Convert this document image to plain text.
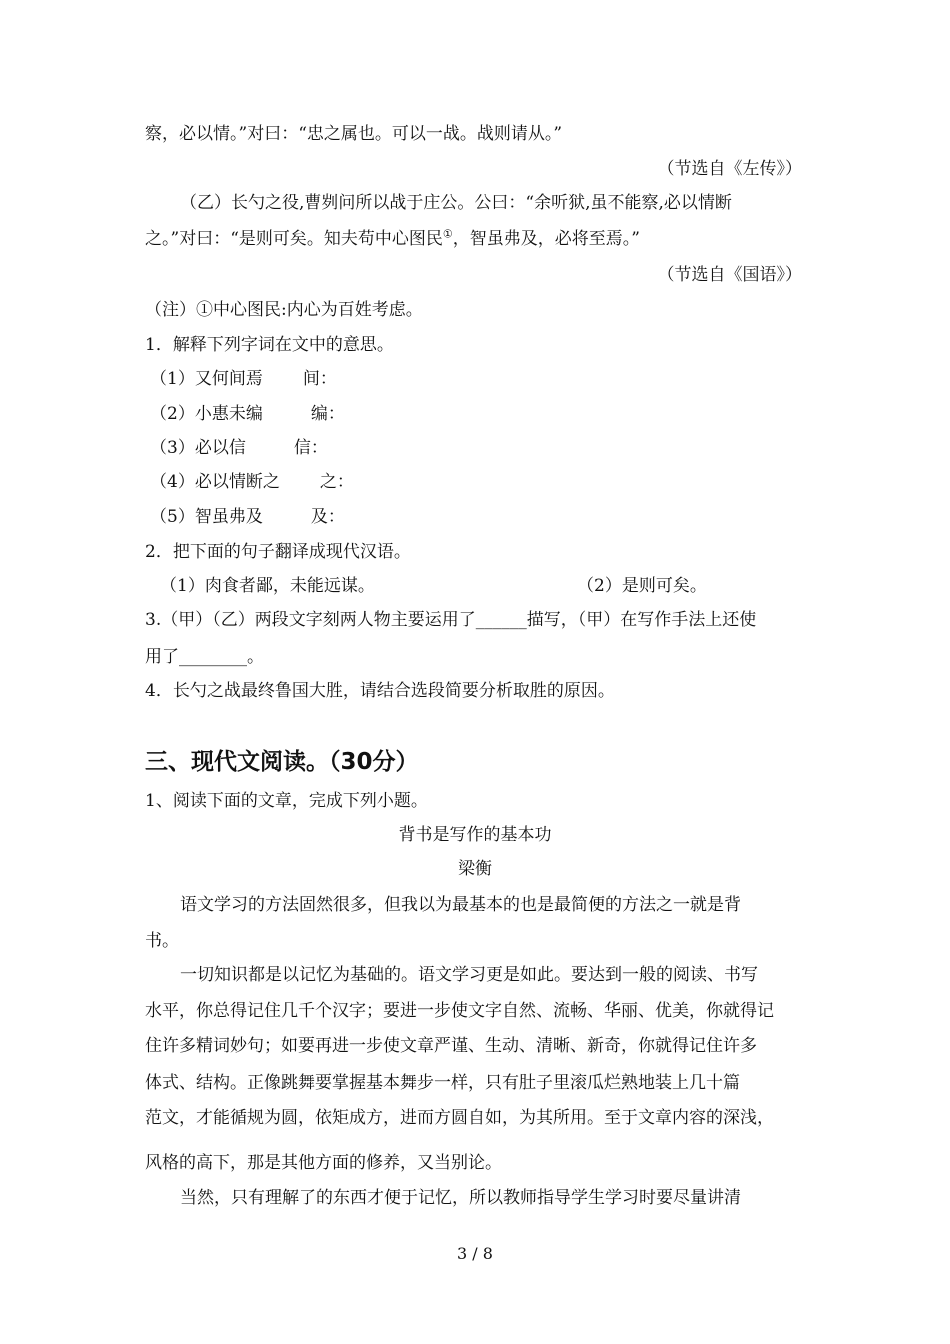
察，必以情。”对曰：“忠之属也。可以一战。战则请从。”
（节选自《左传》）
（乙）长勺之役,曹刿问所以战于庄公。公曰：“余听狱,虽不能察,必以情断
之。”对曰：“是则可矣。知夫苟中心图民①，智虽弗及，必将至焉。”
（节选自《国语》）
（注）①中心图民:内心为百姓考虑。
1．解释下列字词在文中的意思。
（1）又何间焉 间：
（2）小惠未编	编：
（3）必以信	信：
（4）必以情断之 之：
（5）智虽弗及	及：
2．把下面的句子翻译成现代汉语。
（1）肉食者鄙，未能远谋。	（2）是则可矣。
3.（甲）（乙）两段文字刻两人物主要运用了______描写，（甲）在写作手法上还使
用了________。
4．长勺之战最终鲁国大胜，请结合选段简要分析取胜的原因。
三、现代文阅读。（30分）
1、阅读下面的文章，完成下列小题。
背书是写作的基本功
梁衡
语文学习的方法固然很多，但我以为最基本的也是最简便的方法之一就是背
书。
一切知识都是以记忆为基础的。语文学习更是如此。要达到一般的阅读、书写
水平，你总得记住几千个汉字；要进一步使文字自然、流畅、华丽、优美，你就得记
住许多精词妙句；如要再进一步使文章严谨、生动、清晰、新奇，你就得记住许多
体式、结构。正像跳舞要掌握基本舞步一样，只有肚子里滚瓜烂熟地装上几十篇
范文，才能循规为圆，依矩成方，进而方圆自如，为其所用。至于文章内容的深浅，
风格的高下，那是其他方面的修养，又当别论。
当然，只有理解了的东西才便于记忆，所以教师指导学生学习时要尽量讲清
3 / 8
